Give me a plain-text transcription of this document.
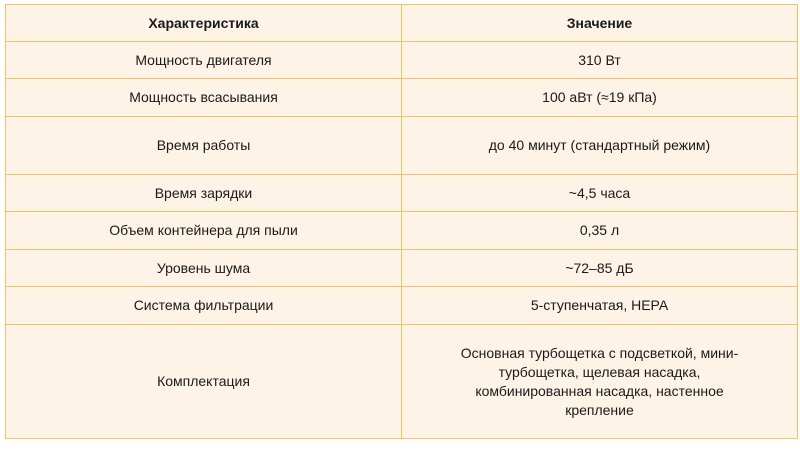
Характеристика	Значение
Мощность двигателя	310 Вт
Мощность всасывания	100 аВт (≈19 кПа)
Время работы	до 40 минут (стандартный режим)
Время зарядки	~4,5 часа
Объем контейнера для пыли	0,35 л
Уровень шума	~72–85 дБ
Система фильтрации	5-ступенчатая, HEPA
Комплектация	Основная турбощетка с подсветкой, мини-турбощетка, щелевая насадка, комбинированная насадка, настенное крепление
